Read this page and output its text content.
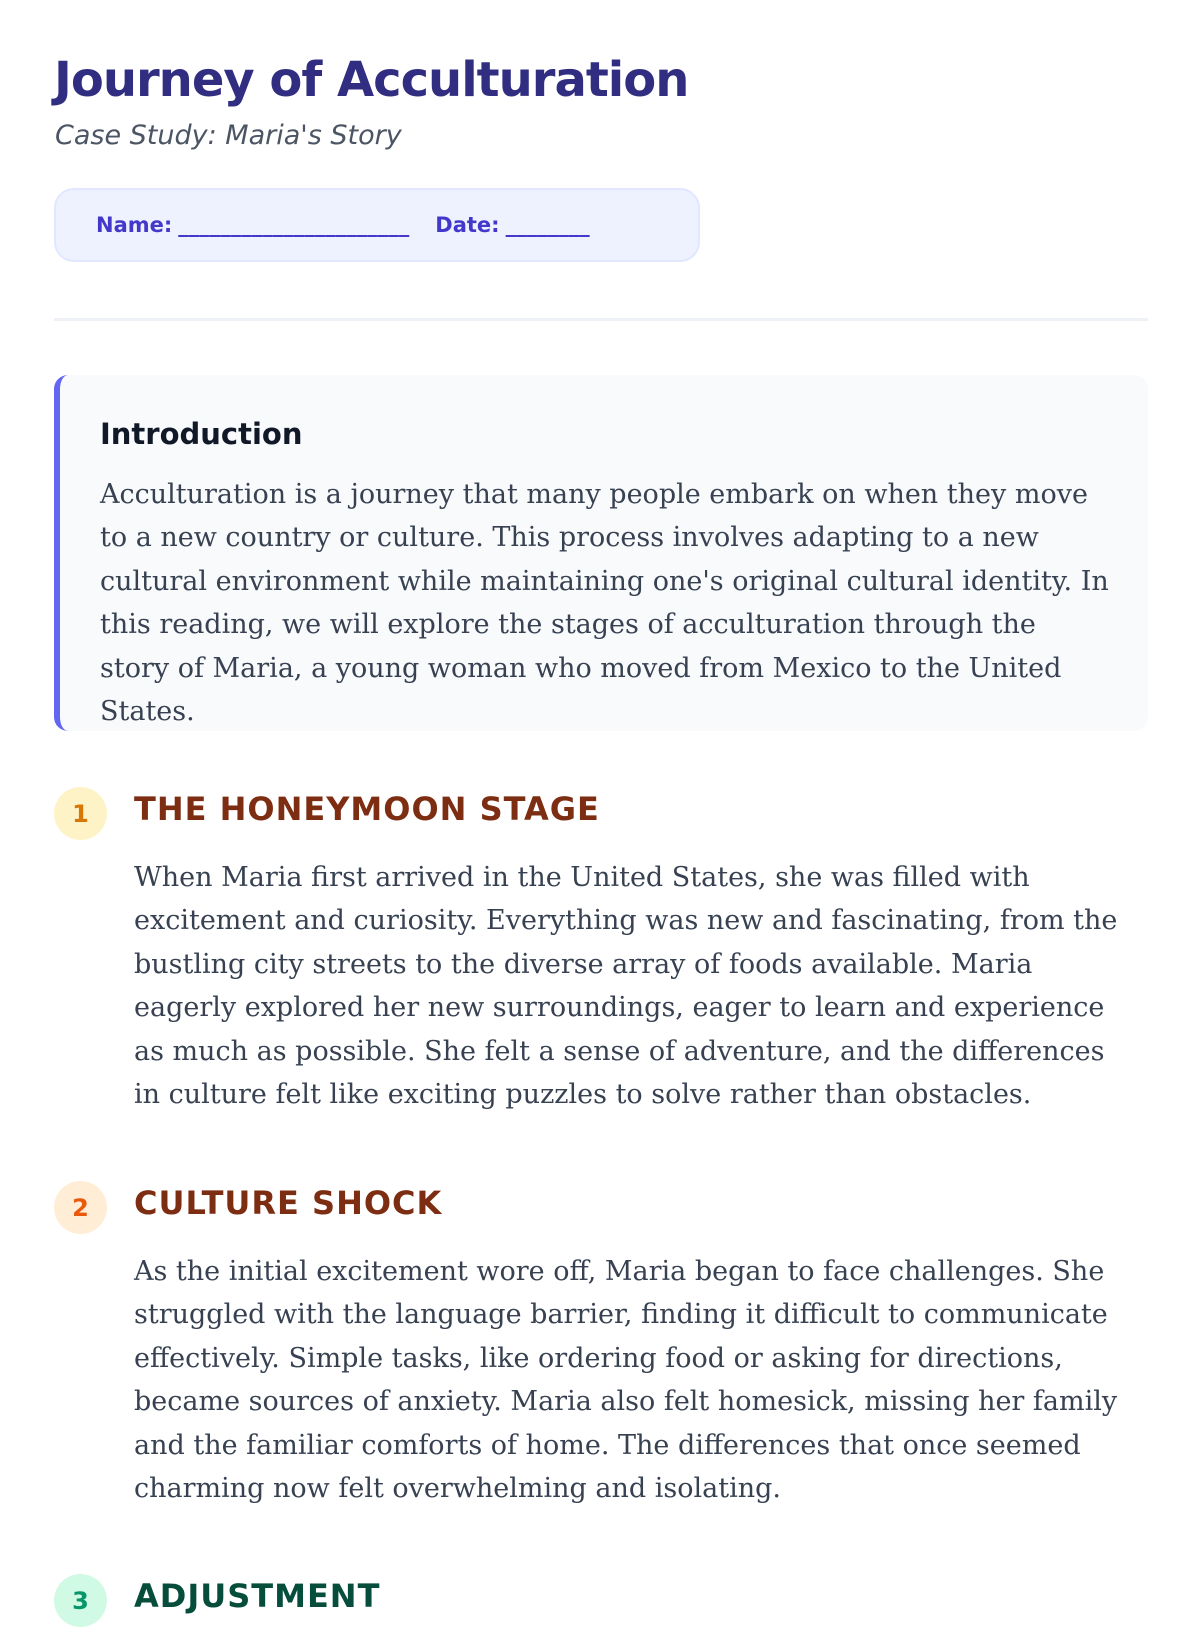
Journey of Acculturation

Case Study: Maria's Story

Name: ______________________ Date: ________
Introduction

Acculturation is a journey that many people embark on when they move to a new country or culture. This process involves adapting to a new cultural environment while maintaining one's original cultural identity. In this reading, we will explore the stages of acculturation through the story of Maria, a young woman who moved from Mexico to the United States.

1	THE HONEYMOON STAGE

When Maria first arrived in the United States, she was filled with excitement and curiosity. Everything was new and fascinating, from the bustling city streets to the diverse array of foods available. Maria eagerly explored her new surroundings, eager to learn and experience as much as possible. She felt a sense of adventure, and the differences in culture felt like exciting puzzles to solve rather than obstacles.

2	CULTURE SHOCK

As the initial excitement wore off, Maria began to face challenges. She struggled with the language barrier, finding it difficult to communicate effectively. Simple tasks, like ordering food or asking for directions, became sources of anxiety. Maria also felt homesick, missing her family and the familiar comforts of home. The differences that once seemed charming now felt overwhelming and isolating.

3	ADJUSTMENT
